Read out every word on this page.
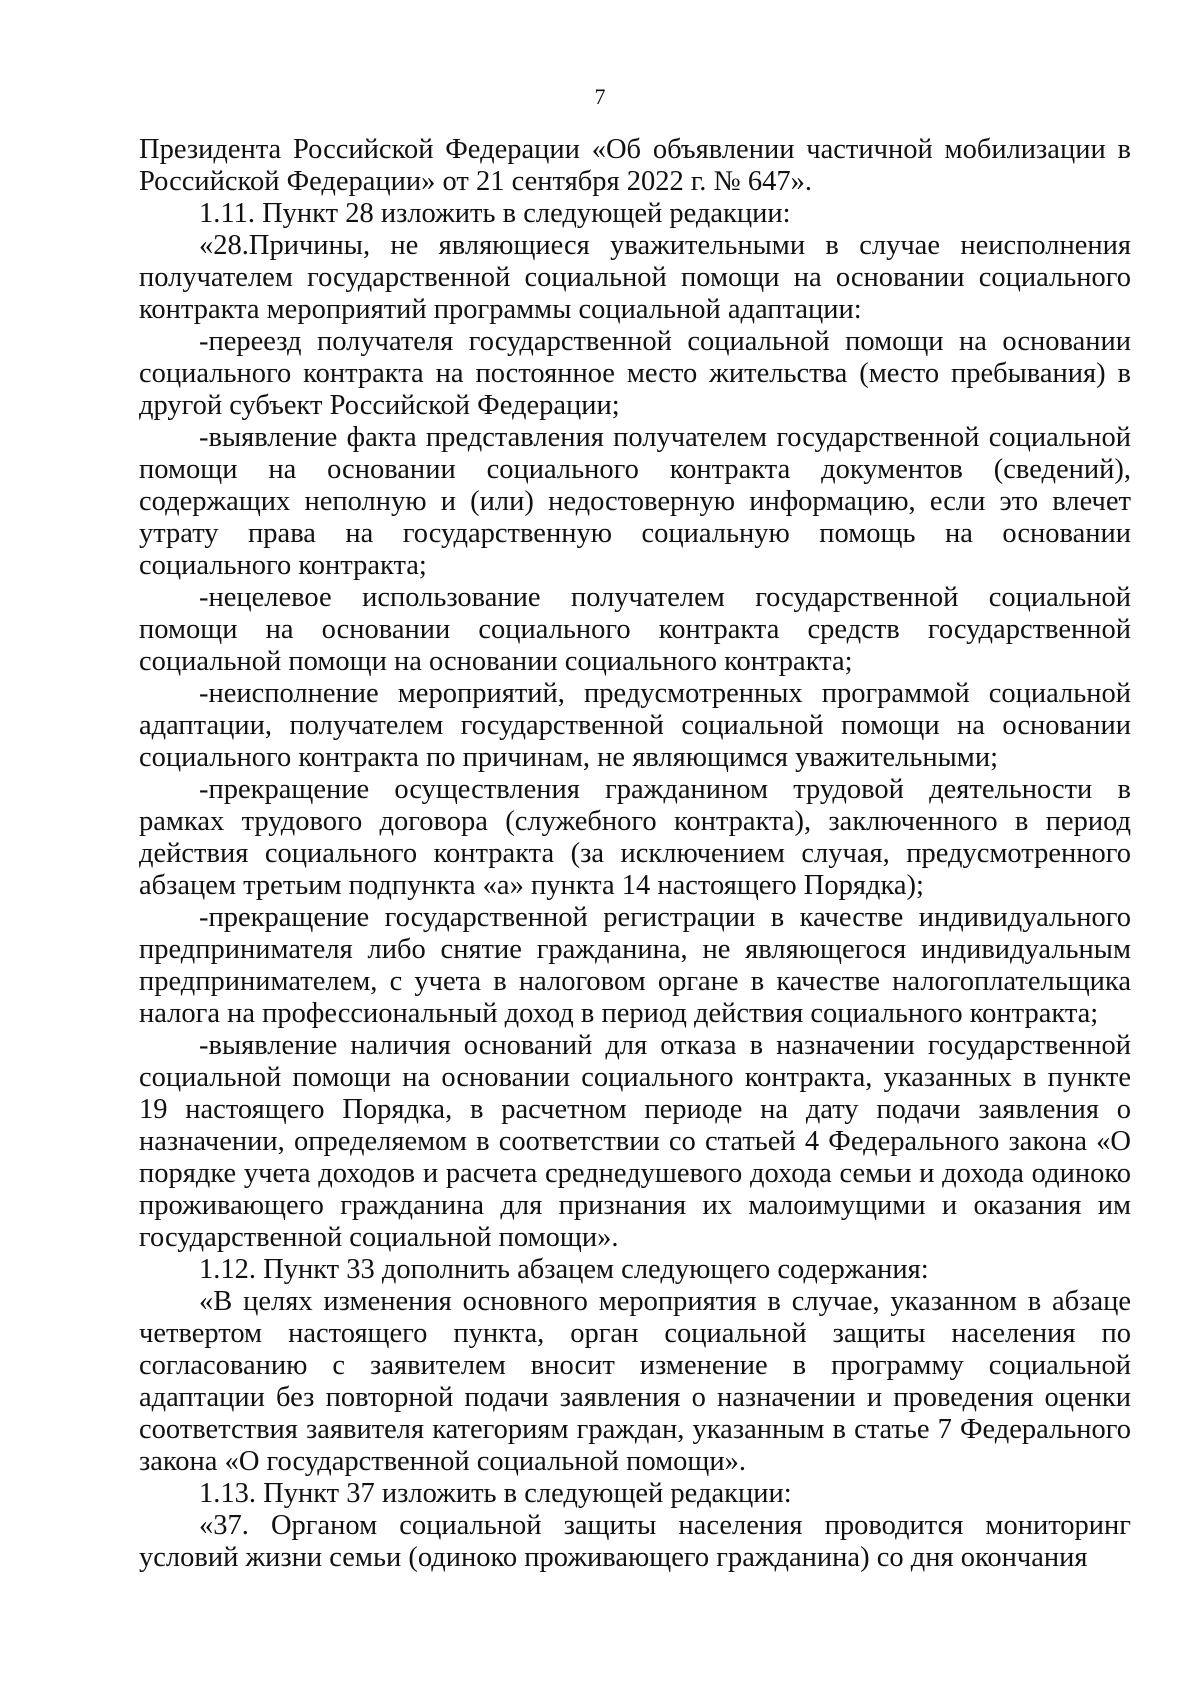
7

Президента Российской Федерации «Об объявлении частичной мобилизации в Российской Федерации» от 21 сентября 2022 г. № 647».

1.11. Пункт 28 изложить в следующей редакции:

«28.Причины, не являющиеся уважительными в случае неисполнения получателем государственной социальной помощи на основании социального контракта мероприятий программы социальной адаптации:

-переезд получателя государственной социальной помощи на основании социального контракта на постоянное место жительства (место пребывания) в другой субъект Российской Федерации;

-выявление факта представления получателем государственной социальной помощи на основании социального контракта документов (сведений), содержащих неполную и (или) недостоверную информацию, если это влечет утрату права на государственную социальную помощь на основании социального контракта;

-нецелевое использование получателем государственной социальной помощи на основании социального контракта средств государственной социальной помощи на основании социального контракта;

-неисполнение мероприятий, предусмотренных программой социальной адаптации, получателем государственной социальной помощи на основании социального контракта по причинам, не являющимся уважительными;

-прекращение осуществления гражданином трудовой деятельности в рамках трудового договора (служебного контракта), заключенного в период действия социального контракта (за исключением случая, предусмотренного абзацем третьим подпункта «а» пункта 14 настоящего Порядка);

-прекращение государственной регистрации в качестве индивидуального предпринимателя либо снятие гражданина, не являющегося индивидуальным предпринимателем, с учета в налоговом органе в качестве налогоплательщика налога на профессиональный доход в период действия социального контракта;

-выявление наличия оснований для отказа в назначении государственной социальной помощи на основании социального контракта, указанных в пункте 19 настоящего Порядка, в расчетном периоде на дату подачи заявления о назначении, определяемом в соответствии со статьей 4 Федерального закона «О порядке учета доходов и расчета среднедушевого дохода семьи и дохода одиноко проживающего гражданина для признания их малоимущими и оказания им государственной социальной помощи».

1.12. Пункт 33 дополнить абзацем следующего содержания:

«В целях изменения основного мероприятия в случае, указанном в абзаце четвертом настоящего пункта, орган социальной защиты населения по согласованию с заявителем вносит изменение в программу социальной адаптации без повторной подачи заявления о назначении и проведения оценки соответствия заявителя категориям граждан, указанным в статье 7 Федерального закона «О государственной социальной помощи».

1.13. Пункт 37 изложить в следующей редакции:

«37. Органом социальной защиты населения проводится мониторинг условий жизни семьи (одиноко проживающего гражданина) со дня окончания
